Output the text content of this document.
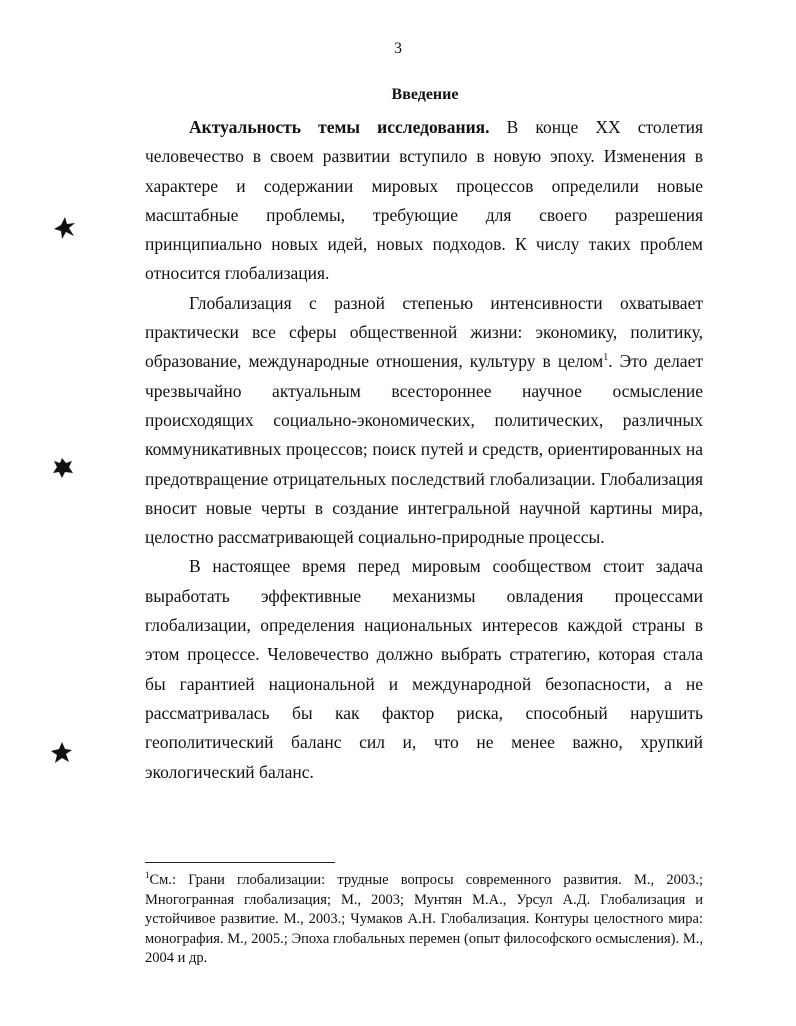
3
Введение

Актуальность темы исследования. В конце XX столетия человечество в своем развитии вступило в новую эпоху. Изменения в характере и содержании мировых процессов определили новые масштабные проблемы, требующие для своего разрешения принципиально новых идей, новых подходов. К числу таких проблем относится глобализация.

Глобализация с разной степенью интенсивности охватывает практически все сферы общественной жизни: экономику, политику, образование, международные отношения, культуру в целом$^1$. Это делает чрезвычайно актуальным всестороннее научное осмысление происходящих социально-экономических, политических, различных коммуникативных процессов; поиск путей и средств, ориентированных на предотвращение отрицательных последствий глобализации. Глобализация вносит новые черты в создание интегральной научной картины мира, целостно рассматривающей социально-природные процессы.

В настоящее время перед мировым сообществом стоит задача выработать эффективные механизмы овладения процессами глобализации, определения национальных интересов каждой страны в этом процессе. Человечество должно выбрать стратегию, которая стала бы гарантией национальной и международной безопасности, а не рассматривалась бы как фактор риска, способный нарушить геополитический баланс сил и, что не менее важно, хрупкий экологический баланс.

$^1$См.: Грани глобализации: трудные вопросы современного развития. М., 2003.; Многогранная глобализация; М., 2003; Мунтян М.А., Урсул А.Д. Глобализация и устойчивое развитие. М., 2003.; Чумаков А.Н. Глобализация. Контуры целостного мира: монография. М., 2005.; Эпоха глобальных перемен (опыт философского осмысления). М., 2004 и др.
